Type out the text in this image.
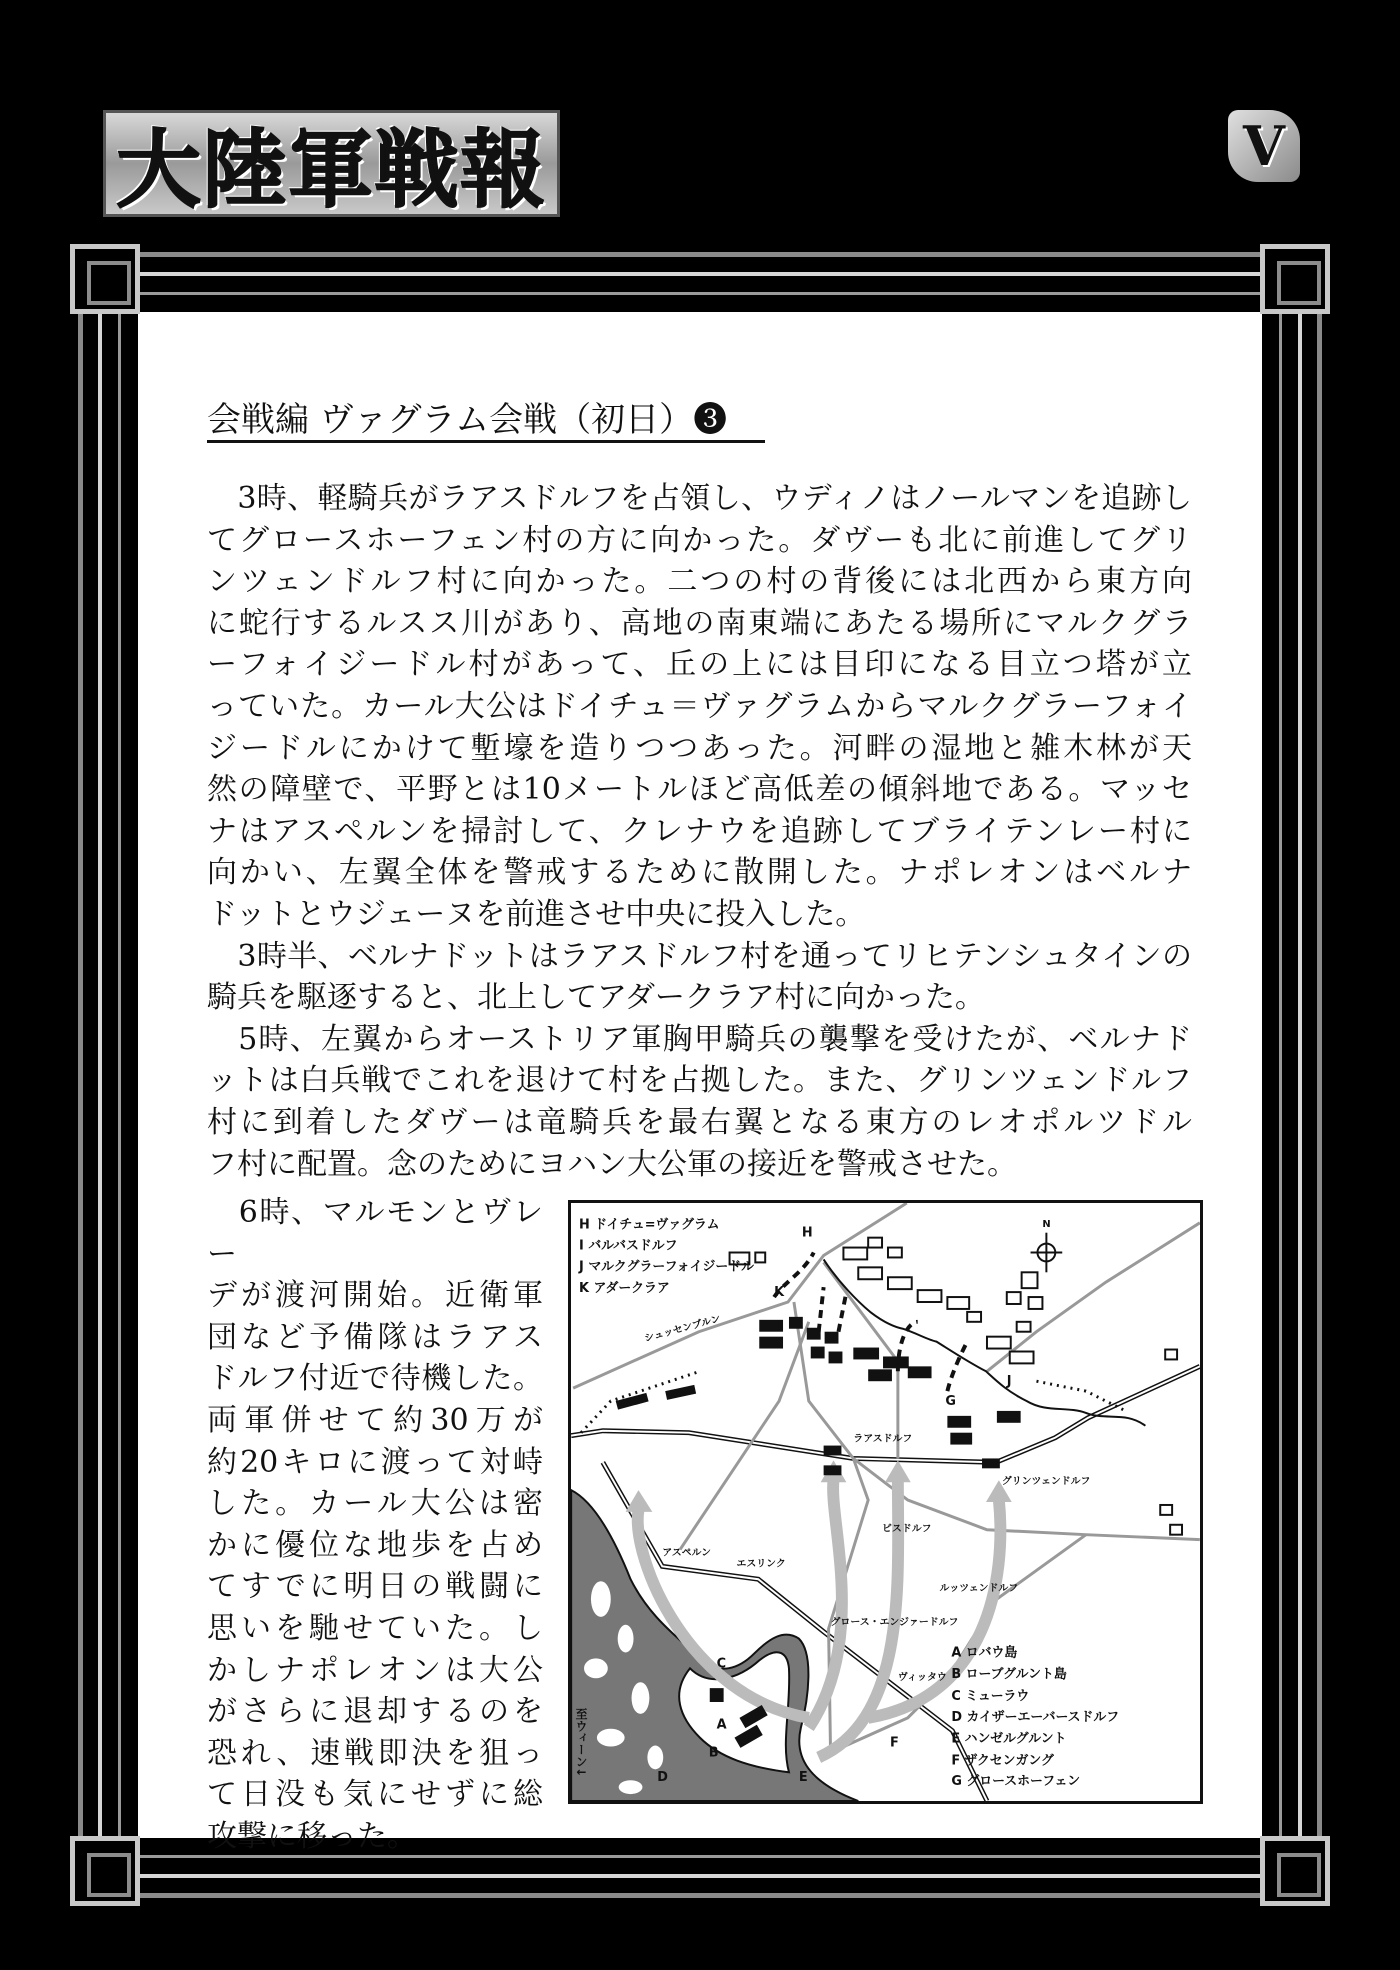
大陸軍戦報	V
会戦編 ヴァグラム会戦（初日）❸
　3時、軽騎兵がラアスドルフを占領し、ウディノはノールマンを追跡し
てグロースホーフェン村の方に向かった。ダヴーも北に前進してグリ
ンツェンドルフ村に向かった。二つの村の背後には北西から東方向
に蛇行するルスス川があり、高地の南東端にあたる場所にマルクグラ
ーフォイジードル村があって、丘の上には目印になる目立つ塔が立
っていた。カール大公はドイチュ＝ヴァグラムからマルクグラーフォイ
ジードルにかけて塹壕を造りつつあった。河畔の湿地と雑木林が天
然の障壁で、平野とは10メートルほど高低差の傾斜地である。マッセ
ナはアスペルンを掃討して、クレナウを追跡してブライテンレー村に
向かい、左翼全体を警戒するために散開した。ナポレオンはベルナ
ドットとウジェーヌを前進させ中央に投入した。
　3時半、ベルナドットはラアスドルフ村を通ってリヒテンシュタインの
騎兵を駆逐すると、北上してアダークラア村に向かった。
　5時、左翼からオーストリア軍胸甲騎兵の襲撃を受けたが、ベルナド
ットは白兵戦でこれを退けて村を占拠した。また、グリンツェンドルフ
村に到着したダヴーは竜騎兵を最右翼となる東方のレオポルツドル
フ村に配置。念のためにヨハン大公軍の接近を警戒させた。
　6時、マルモンとヴレー
デが渡河開始。近衛軍
団など予備隊はラアス
ドルフ付近で待機した。
両軍併せて約30万が
約20キロに渡って対峙
した。カール大公は密
かに優位な地歩を占め
てすでに明日の戦闘に
思いを馳せていた。し
かしナポレオンは大公
がさらに退却するのを
恐れ、速戦即決を狙っ
て日没も気にせずに総
攻撃に移った。
N
H ドイチュ=ヴァグラム
I バルバスドルフ
J マルクグラーフォイジードル
K アダークラア
A ロバウ島
B ローブグルント島
C ミューラウ
D カイザーエーバースドルフ
E ハンゼルグルント
F ザクセンガング
G グロースホーフェン
シュッセンブルン
ラアスドルフ
グリンツェンドルフ
ビスドルフ
アスペルン
エスリンク
ルッツェンドルフ
グロース・エンジァードルフ
ヴィッタウ
至ウィーン↓	A
B
C
D	E
F
G
H
J
K
